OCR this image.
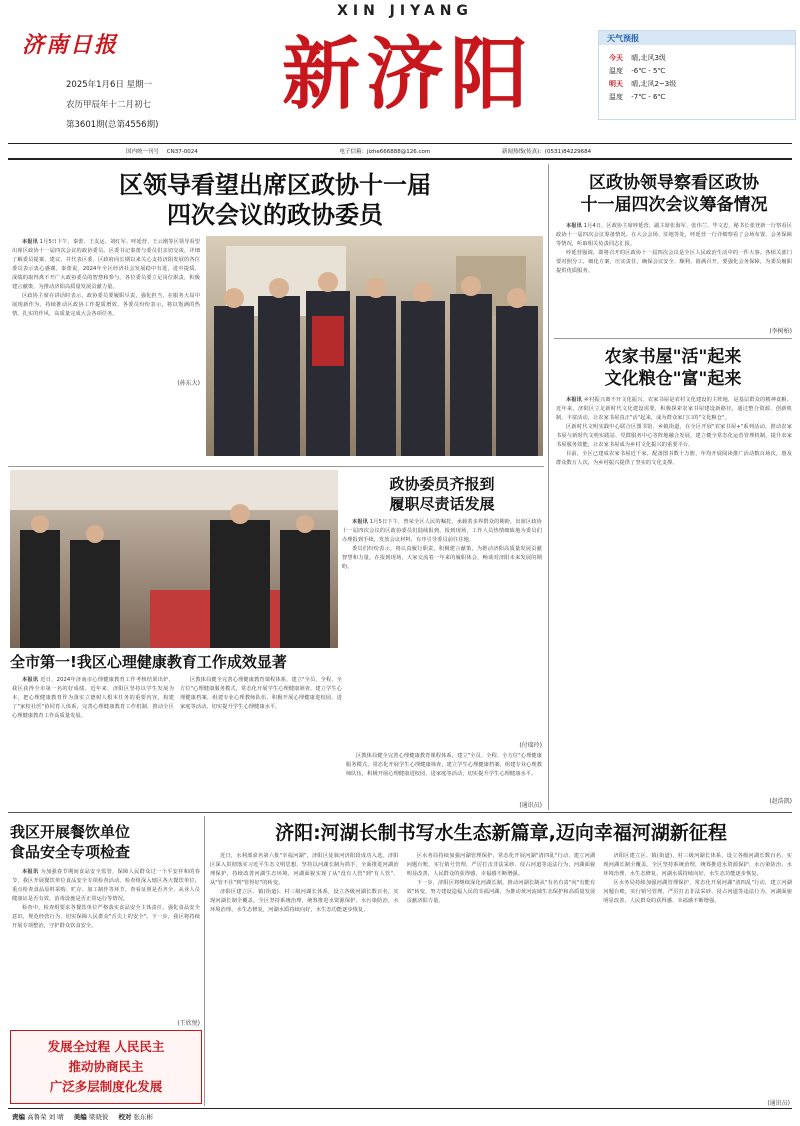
济南日报
2025年1月6日 星期一
农历甲辰年十二月初七
第3601期(总第4556期)
XIN JIYANG
新济阳	天气预报
今天 晴,北风3级
温度 -6℃ - 5℃
明天 晴,北风2~3级
温度 -7℃ - 6℃
国内统一刊号 CN37-0024	电子信箱：jizhe666888@126.com	新闻热线(传真)：(0531)84229684
区领导看望出席区政协十一届
四次会议的政协委员

本报讯 1月5日下午，秦蕾、王友运、刘红军、呼延营、王云刚等区领导看望出席区政协十一届四次会议的政协委员。区委书记秦蕾与委员们亲切交谈，详细了解委员提案、建议，并代表区委、区政府向长期以来关心支持济阳发展的各位委员表示衷心感谢。秦蕾说，2024年全区经济社会发展稳中有进，进中提质，成绩的取得离不开广大政协委员的智慧和参与。各位委员要立足岗位职责，积极建言献策，为推动济阳高质量发展贡献力量。

区政协主席在讲话时表示，政协委员要履职尽责，强化担当，在服务大局中展现新作为，持续推动区政协工作提质增效。各委员纷纷表示，将以饱满的热情、扎实的作风，高质量完成大会各项任务。

(孙东大)
区政协领导察看区政协
十一届四次会议筹备情况

本报讯 1月4日，区政协主席呼延营，副主席张海军、张伟兰、毕文忠，秘书长张登新一行察看区政协十一届四次会议筹备情况。在大会会场、驻地等处，呼延营一行详细察看了会场布置、会务保障等情况，听取相关负责同志汇报。

呼延营强调，即将召开的区政协十一届四次会议是全区人民政治生活中的一件大事。各相关部门要对照分工，细化方案，压实责任，确保会议安全、顺利、圆满召开。要强化会务保障，为委员履职提供优质服务。

(李树柏)
农家书屋"活"起来
文化粮仓"富"起来

本报讯 乡村振兴离不开文化振兴。农家书屋是农村文化建设的主阵地，是基层群众的精神食粮。近年来，济阳区立足新时代文化建设需要，积极探索农家书屋建设新路径，通过整合资源、创新机制、丰富活动，让农家书屋真正"活"起来，成为群众家门口的"文化粮仓"。

区新时代文明实践中心联合区图书馆、乡镇街道，在全区开展"农家书屋+"系列活动，推动农家书屋与新时代文明实践站、党群服务中心等阵地融合发展，建立健全常态化运营管理机制，提升农家书屋服务效能，让农家书屋成为乡村文化振兴的重要平台。

目前，全区已建成农家书屋近千家，配备图书数十万册，年均开展阅读推广活动数百场次，惠及群众数万人次，为乡村振兴提供了坚实的文化支撑。

(赵浩凯)
政协委员齐报到
履职尽责话发展

本报讯 1月5日下午，曾荣全区人民的嘱托，承载着多界群众的期盼，出席区政协十一届四次会议的区政协委员们陆续报到。报到现场，工作人员热情细致地为委员们办理报到手续，发放会议材料，有序引导委员前往住地。

委员们纷纷表示，将认真履行职责，积极建言献策，为推动济阳高质量发展贡献智慧和力量。在报到现场，大家交流着一年来的履职体会，畅谈对济阳未来发展的期盼。

(付瑞玲)
全市第一!我区心理健康教育工作成效显著

本报讯 近日，2024年济南市心理健康教育工作考核结果出炉，我区获得全市第一名的好成绩。近年来，济阳区坚持以学生发展为本，把心理健康教育作为落实立德树人根本任务的重要内容，构建了"家校社医"协同育人体系，完善心理健康教育工作机制，推动全区心理健康教育工作高质量发展。

区教体局健全完善心理健康教育课程体系，建立"全员、全程、全方位"心理健康服务模式，常态化开展学生心理健康筛查，建立学生心理健康档案，组建专业心理教师队伍，积极开展心理健康进校园、进家庭等活动，切实提升学生心理健康水平。

区教体局健全完善心理健康教育课程体系，建立"全员、全程、全方位"心理健康服务模式，常态化开展学生心理健康筛查，建立学生心理健康档案，组建专业心理教师队伍，积极开展心理健康进校园、进家庭等活动，切实提升学生心理健康水平。

(通讯员)
我区开展餐饮单位
食品安全专项检查

本报讯 为加强春节期间食品安全监管，保障人民群众过一个平安祥和的春节，我区开展餐饮单位食品安全专项检查活动。检查组深入辖区各大餐饮单位，重点检查食品原料采购、贮存、加工制作等环节，查看证照是否齐全、从业人员健康证是否有效、消毒设施是否正常运行等情况。

检查中，检查组要求各餐饮单位严格落实食品安全主体责任，强化食品安全意识，规范经营行为，切实保障人民群众"舌尖上的安全"。下一步，我区将持续开展专项整治，守护群众饮食安全。

(王欣悦)
发展全过程 人民民主
推动协商民主
广泛多层制度化发展
济阳:河湖长制书写水生态新篇章,迈向幸福河湖新征程

近日，水利部命名第六批"幸福河湖"，济阳区徒骇河济阳段成功入选。济阳区深入贯彻落实习近平生态文明思想，坚持以河湖长制为抓手，全面推进河湖治理保护，持续改善河湖生态环境，河湖面貌实现了从"没有人管"到"有人管"、从"管不住"到"管得好"的转变。

济阳区建立区、镇(街道)、村三级河湖长体系，设立各级河湖长数百名，实现河湖长制全覆盖。全区坚持系统治理，统筹推进水资源保护、水污染防治、水环境治理、水生态修复，河湖水质持续向好，水生态功能逐步恢复。

区水务局持续加强河湖管理保护，常态化开展河湖"清四乱"行动，建立河湖问题台账，实行销号管理，严厉打击非法采砂、侵占河道等违法行为，河湖面貌明显改善，人民群众的获得感、幸福感不断增强。

下一步，济阳区将继续深化河湖长制，推动河湖长制从"有名有责"向"有能有效"转变，努力建设造福人民的幸福河湖，为推动黄河流域生态保护和高质量发展贡献济阳力量。

济阳区建立区、镇(街道)、村三级河湖长体系，设立各级河湖长数百名，实现河湖长制全覆盖。全区坚持系统治理，统筹推进水资源保护、水污染防治、水环境治理、水生态修复，河湖水质持续向好，水生态功能逐步恢复。

区水务局持续加强河湖管理保护，常态化开展河湖"清四乱"行动，建立河湖问题台账，实行销号管理，严厉打击非法采砂、侵占河道等违法行为，河湖面貌明显改善，人民群众的获得感、幸福感不断增强。

(通讯员)
责编 高鲁荣 刘 晴 美编 梁晓彼 校对 张东彬
